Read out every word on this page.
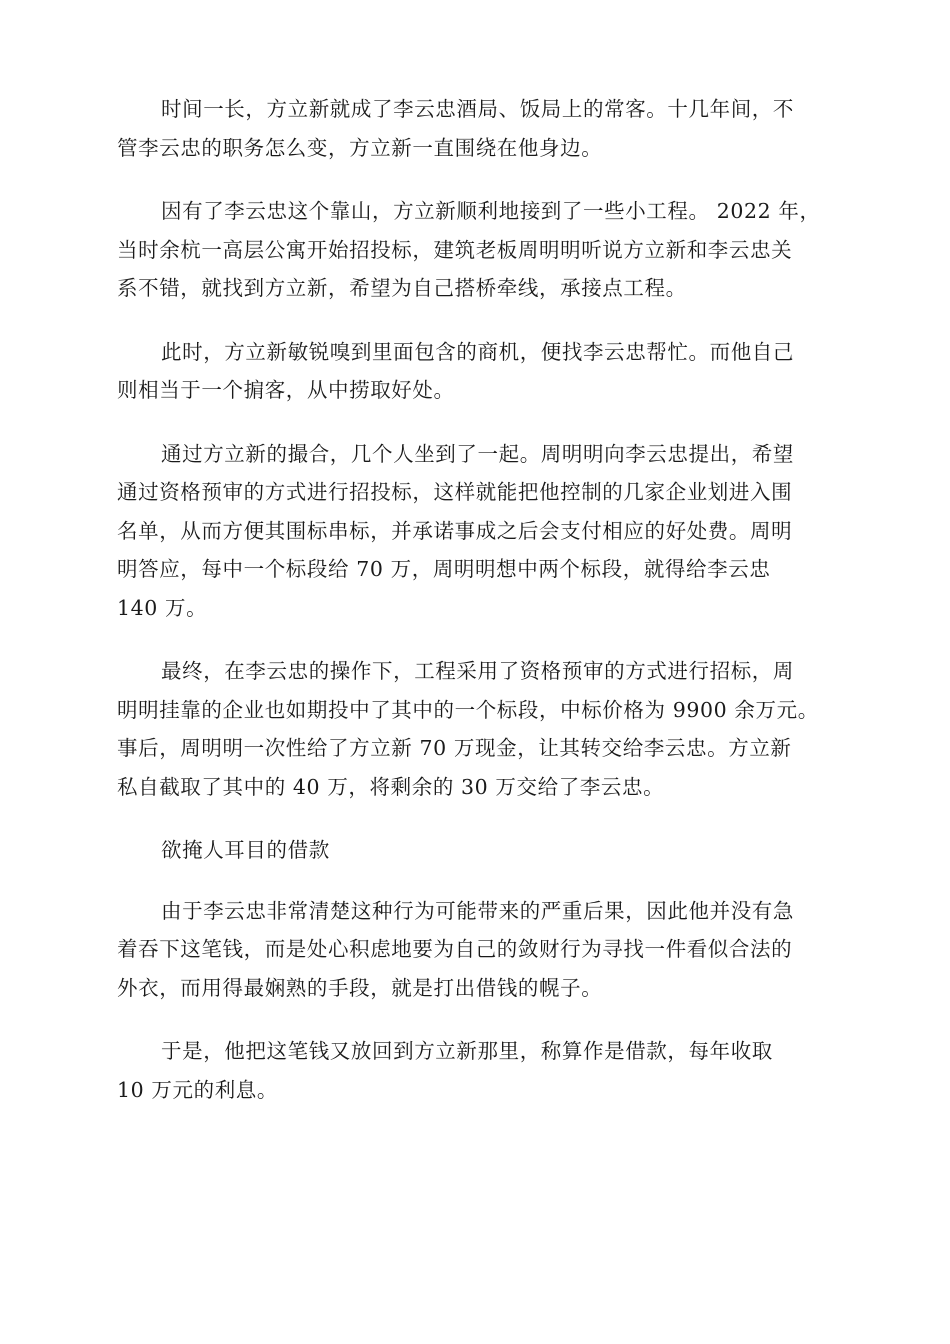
时间一长，方立新就成了李云忠酒局、饭局上的常客。十几年间，不
管李云忠的职务怎么变，方立新一直围绕在他身边。

因有了李云忠这个靠山，方立新顺利地接到了一些小工程。 2022 年，
当时余杭一高层公寓开始招投标，建筑老板周明明听说方立新和李云忠关
系不错，就找到方立新，希望为自己搭桥牵线，承接点工程。

此时，方立新敏锐嗅到里面包含的商机，便找李云忠帮忙。而他自己
则相当于一个掮客，从中捞取好处。

通过方立新的撮合，几个人坐到了一起。周明明向李云忠提出，希望
通过资格预审的方式进行招投标，这样就能把他控制的几家企业划进入围
名单，从而方便其围标串标，并承诺事成之后会支付相应的好处费。周明
明答应，每中一个标段给 70 万，周明明想中两个标段，就得给李云忠
140 万。

最终，在李云忠的操作下，工程采用了资格预审的方式进行招标，周
明明挂靠的企业也如期投中了其中的一个标段，中标价格为 9900 余万元。
事后，周明明一次性给了方立新 70 万现金，让其转交给李云忠。方立新
私自截取了其中的 40 万，将剩余的 30 万交给了李云忠。

欲掩人耳目的借款

由于李云忠非常清楚这种行为可能带来的严重后果，因此他并没有急
着吞下这笔钱，而是处心积虑地要为自己的敛财行为寻找一件看似合法的
外衣，而用得最娴熟的手段，就是打出借钱的幌子。

于是，他把这笔钱又放回到方立新那里，称算作是借款，每年收取
10 万元的利息。
